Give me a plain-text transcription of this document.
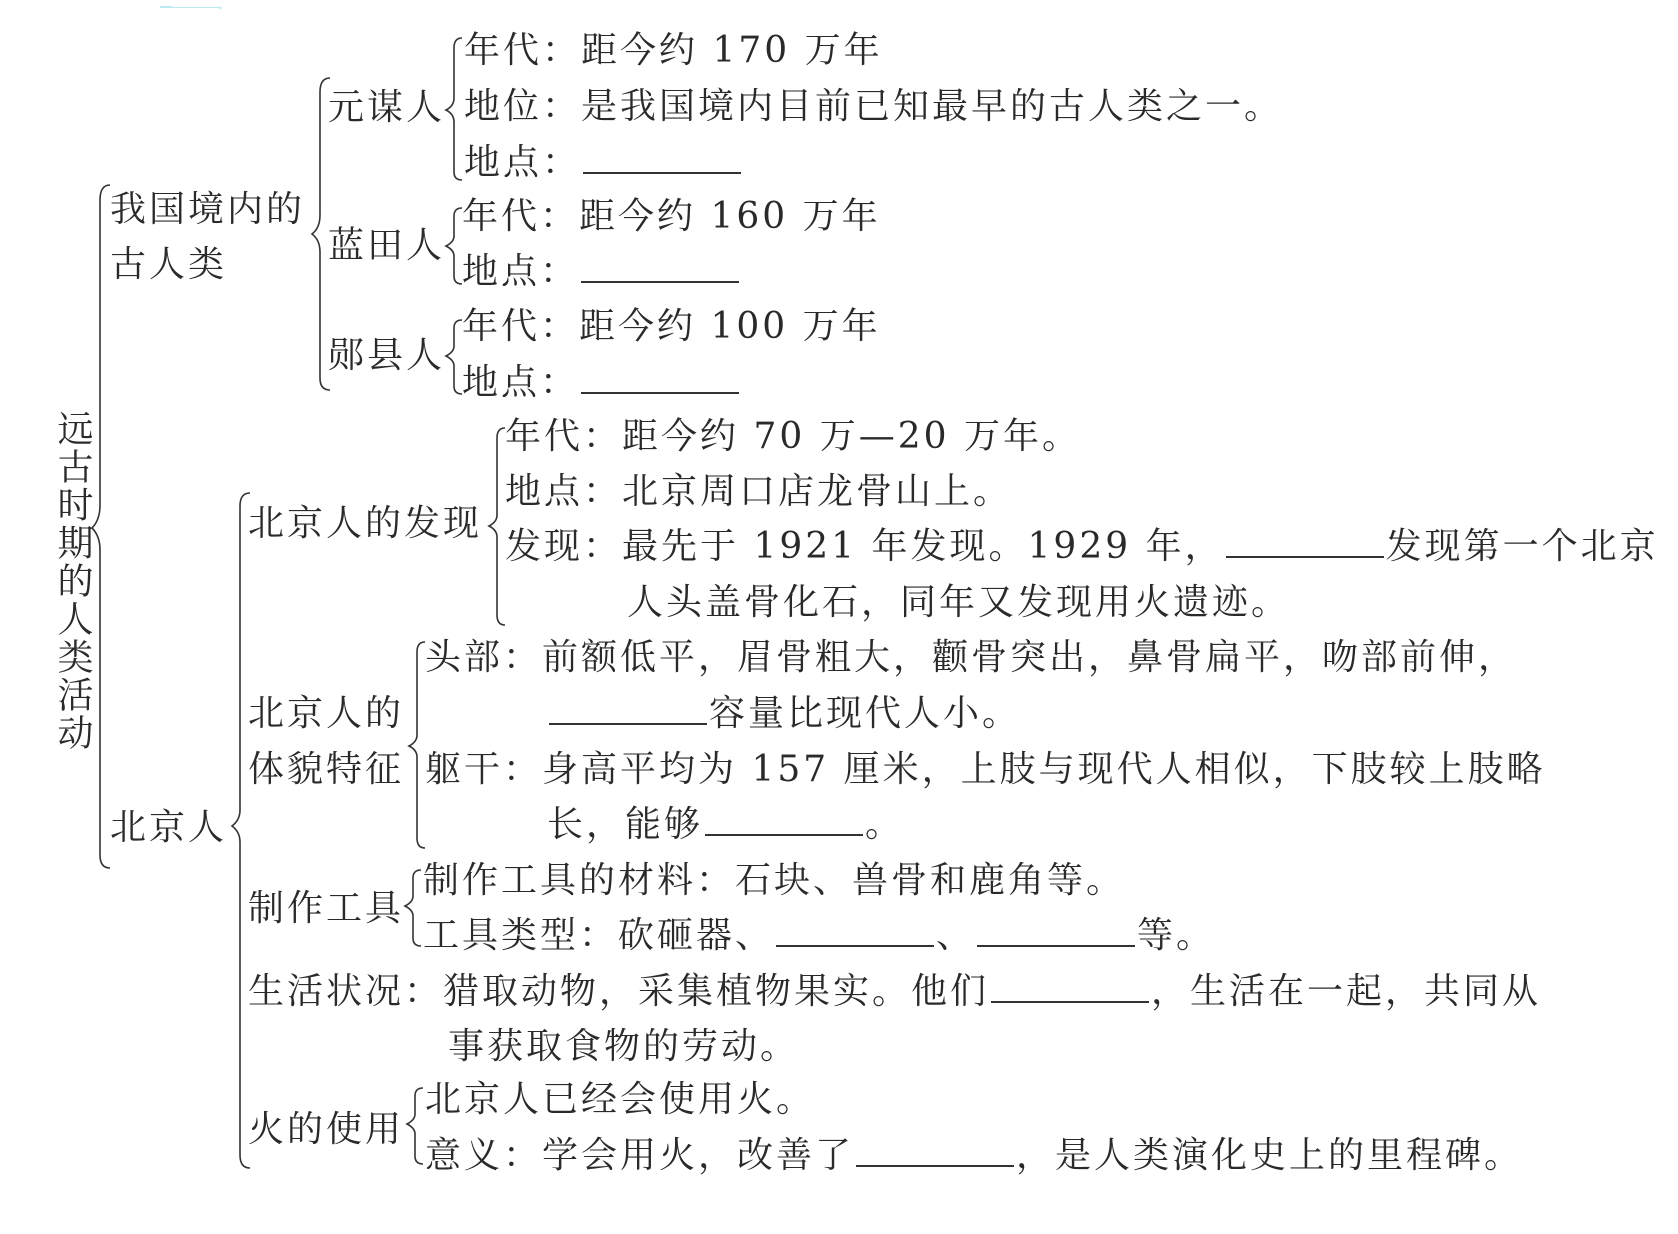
远古时期的人类活动
我国境内的
古人类
元谋人
年代：距今约 170 万年
地位：是我国境内目前已知最早的古人类之一。
地点：
蓝田人
年代：距今约 160 万年
地点：
郧县人
年代：距今约 100 万年
地点：
北京人的发现
年代：距今约 70 万—20 万年。
地点：北京周口店龙骨山上。
发现：最先于 1921 年发现。1929 年，	发现第一个北京
人头盖骨化石，同年又发现用火遗迹。
北京人的
体貌特征
头部：前额低平，眉骨粗大，颧骨突出，鼻骨扁平，吻部前伸，
容量比现代人小。
躯干：身高平均为 157 厘米，上肢与现代人相似，下肢较上肢略
长，能够	。
北京人
制作工具
制作工具的材料：石块、兽骨和鹿角等。
工具类型：砍砸器、	、	等。
生活状况：猎取动物，采集植物果实。他们	，生活在一起，共同从
事获取食物的劳动。
火的使用
北京人已经会使用火。
意义：学会用火，改善了	，是人类演化史上的里程碑。
